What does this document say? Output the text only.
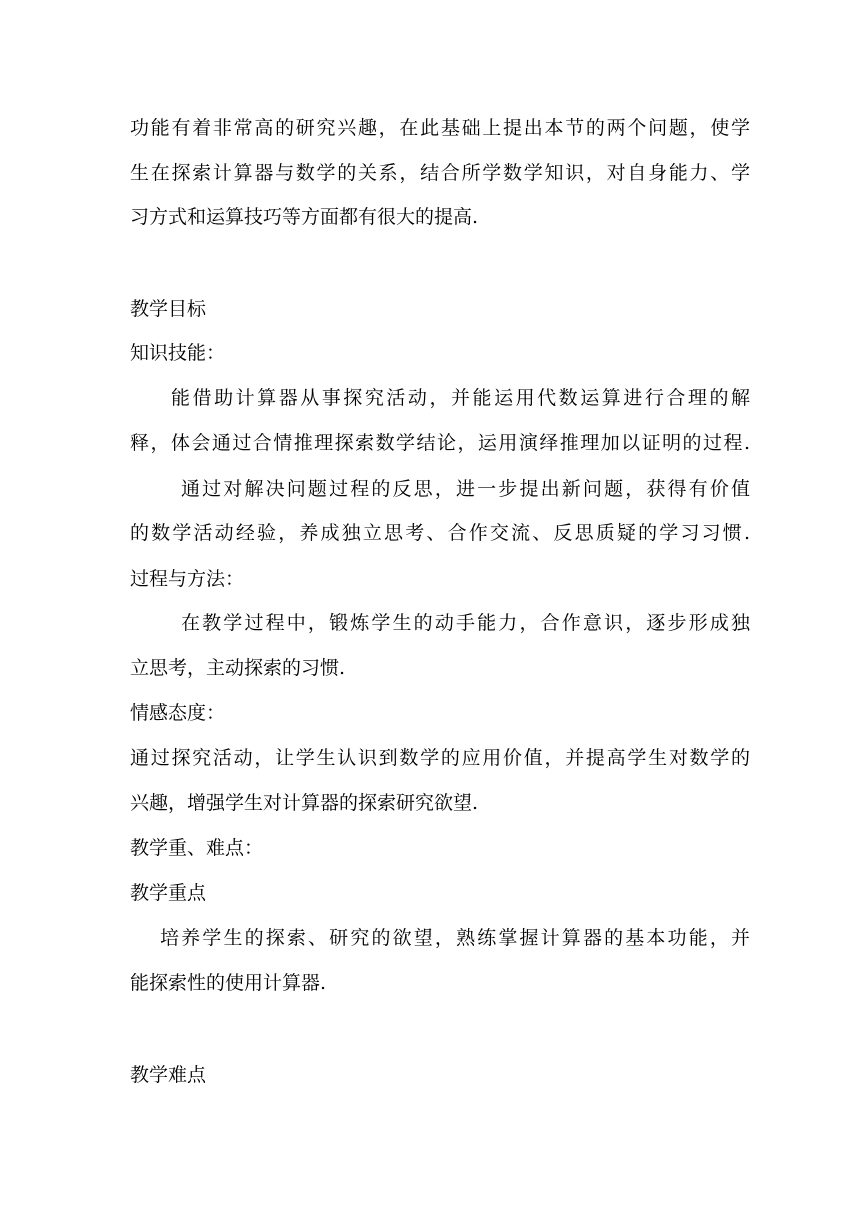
功能有着非常高的研究兴趣，在此基础上提出本节的两个问题，使学
生在探索计算器与数学的关系，结合所学数学知识，对自身能力、学
习方式和运算技巧等方面都有很大的提高.
教学目标
知识技能：
能借助计算器从事探究活动，并能运用代数运算进行合理的解
释，体会通过合情推理探索数学结论，运用演绎推理加以证明的过程.
通过对解决问题过程的反思，进一步提出新问题，获得有价值
的数学活动经验，养成独立思考、合作交流、反思质疑的学习习惯.
过程与方法：
在教学过程中，锻炼学生的动手能力，合作意识，逐步形成独
立思考，主动探索的习惯.
情感态度：
通过探究活动，让学生认识到数学的应用价值，并提高学生对数学的
兴趣，增强学生对计算器的探索研究欲望.
教学重、难点：
教学重点
培养学生的探索、研究的欲望，熟练掌握计算器的基本功能，并
能探索性的使用计算器.
教学难点
